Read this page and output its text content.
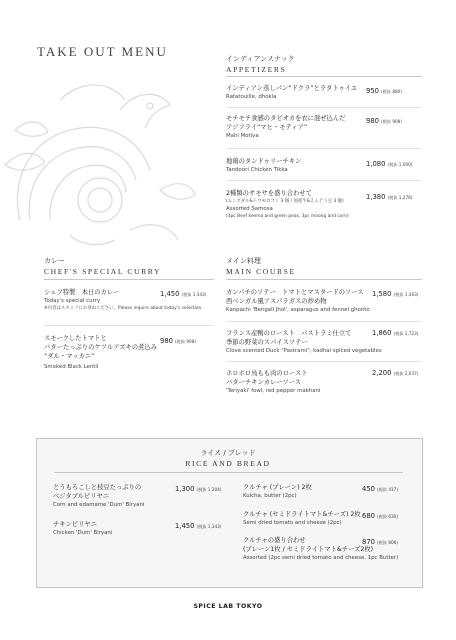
TAKE OUT MENU	インディアンスナック
APPETIZERS
インディアン蒸しパン“ドクラ”とラタトゥイユ
Ratatouille, dhokla
950 (税抜 880)
モチモチ食感のタピオカを衣に混ぜ込んだ
アジフライ“マヒ・モティア”
Mahi Motiya
980 (税抜 908)
地鶏のタンドゥリーチキン
Tandoori Chicken Tikka
1,080 (税抜 1,000)
2種類のサモサを盛り合わせて
(ムングダル&トウモロコシ 3 個 / 国産牛&えんどう豆 3 個)
Assorted Samosa
(3pc Beef keema and green peas, 3pc moong and corn)
1,380 (税抜 1,278)
カレー
CHEF'S SPECIAL CURRY
シェフ特製　本日のカレー
Today's special curry
※内容はスタッフにお尋ねください。Please inquire about today's selection.
1,450 (税抜 1,343)
スモークしたトマトと
バターたっぷりのケツルアズキの煮込み
“ダル・マッカニ”
Smoked Black Lentil
980 (税抜 908)
メイン料理
MAIN COURSE
カンパチのソテー　トマトとマスタードのソース
西ベンガル風アスパラガスの炒め物
Kanpachi 'Bengali Jhol', asparagus and fennel ghonto
1,580 (税抜 1,463)
フランス産鴨のロースト　パストラミ仕立て
季節の野菜のスパイスソテー
Clove scented Duck "Pastrami", kadhai spiced vegetables
1,860 (税抜 1,723)
ホロホロ鳥もも肉のロースト
バターチキンカレーソース
'Teriyaki' fowl, red pepper makhani
2,200 (税抜 2,037)
ライス / ブレッド
RICE AND BREAD
とうもろこしと枝豆たっぷりの
ベジタブルビリヤニ
Corn and edamame 'Dum' Biryani
1,300 (税抜 1,204)
チキンビリヤニ
Chicken 'Dum' Biryani
1,450 (税抜 1,343)
クルチャ (プレーン) 2枚
Kulcha, butter (2pc)
450 (税抜 417)
クルチャ (セミドライトマト&チーズ) 2枚
Semi dried tomato and cheese (2pc)
680 (税抜 630)
クルチャの盛り合わせ
(プレーン1枚 / セミドライトマト&チーズ2枚)
Assorted (2pc semi dried tomato and cheese, 1pc Butter)
870 (税抜 806)
SPICE LAB TOKYO
